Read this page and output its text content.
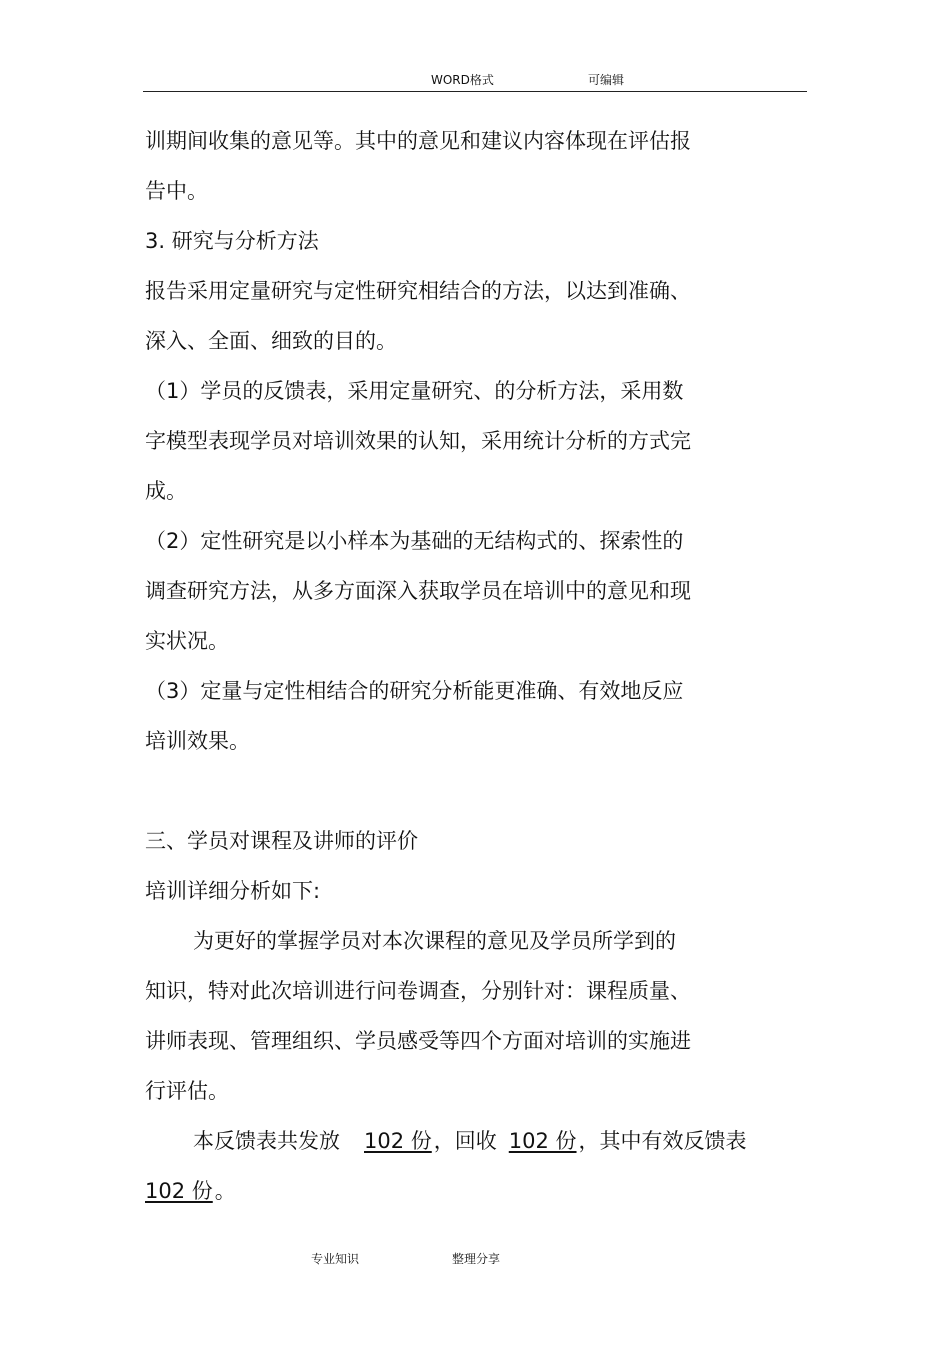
WORD格式	可编辑
训期间收集的意见等。其中的意见和建议内容体现在评估报
告中。
3. 研究与分析方法
报告采用定量研究与定性研究相结合的方法，以达到准确、
深入、全面、细致的目的。
（1）学员的反馈表，采用定量研究、的分析方法，采用数
字模型表现学员对培训效果的认知，采用统计分析的方式完
成。
（2）定性研究是以小样本为基础的无结构式的、探索性的
调查研究方法，从多方面深入获取学员在培训中的意见和现
实状况。
（3）定量与定性相结合的研究分析能更准确、有效地反应
培训效果。
三、学员对课程及讲师的评价
培训详细分析如下:
为更好的掌握学员对本次课程的意见及学员所学到的
知识，特对此次培训进行问卷调查，分别针对：课程质量、
讲师表现、管理组织、学员感受等四个方面对培训的实施进
行评估。
本反馈表共发放 102 份，回收 102 份，其中有效反馈表
102 份。
专业知识	整理分享
